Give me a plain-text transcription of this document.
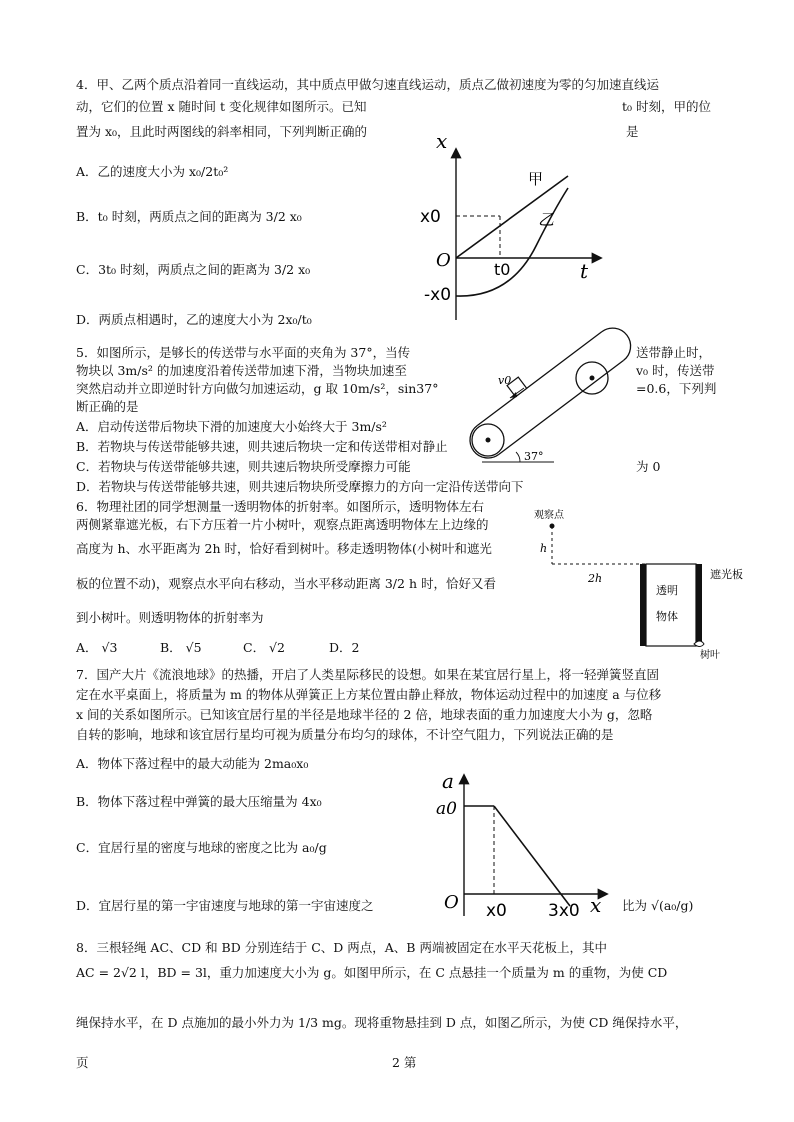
4．甲、乙两个质点沿着同一直线运动，其中质点甲做匀速直线运动，质点乙做初速度为零的匀加速直线运
动，它们的位置 x 随时间 t 变化规律如图所示。已知	t₀ 时刻，甲的位
置为 x₀，且此时两图线的斜率相同，下列判断正确的	是
A．乙的速度大小为 x₀/2t₀²
B．t₀ 时刻，两质点之间的距离为 3/2 x₀
C．3t₀ 时刻，两质点之间的距离为 3/2 x₀
D．两质点相遇时，乙的速度大小为 2x₀/t₀
x
甲
x0	乙
O	t0	t
-x0
5．如图所示，是够长的传送带与水平面的夹角为 37°，当传	送带静止时，
物块以 3m/s² 的加速度沿着传送带加速下滑，当物块加速至	v₀ 时，传送带
突然启动并立即逆时针方向做匀加速运动，g 取 10m/s²，sin37°	=0.6，下列判
断正确的是
A．启动传送带后物块下滑的加速度大小始终大于 3m/s²
B．若物块与传送带能够共速，则共速后物块一定和传送带相对静止
C．若物块与传送带能够共速，则共速后物块所受摩擦力可能	为 0
D．若物块与传送带能够共速，则共速后物块所受摩擦力的方向一定沿传送带向下
v0
37°
6．物理社团的同学想测量一透明物体的折射率。如图所示，透明物体左右
两侧紧靠遮光板，右下方压着一片小树叶，观察点距离透明物体左上边缘的
高度为 h、水平距离为 2h 时，恰好看到树叶。移走透明物体(小树叶和遮光
板的位置不动)，观察点水平向右移动，当水平移动距离 3/2 h 时，恰好又看
到小树叶。则透明物体的折射率为
A． √3	B． √5	C． √2	D．2
观察点
h
2h
透明
物体
遮光板
树叶
7．国产大片《流浪地球》的热播，开启了人类星际移民的设想。如果在某宜居行星上，将一轻弹簧竖直固
定在水平桌面上，将质量为 m 的物体从弹簧正上方某位置由静止释放，物体运动过程中的加速度 a 与位移
x 间的关系如图所示。已知该宜居行星的半径是地球半径的 2 倍，地球表面的重力加速度大小为 g，忽略
自转的影响，地球和该宜居行星均可视为质量分布均匀的球体，不计空气阻力，下列说法正确的是
A．物体下落过程中的最大动能为 2ma₀x₀
B．物体下落过程中弹簧的最大压缩量为 4x₀
C．宜居行星的密度与地球的密度之比为 a₀/g
D．宜居行星的第一宇宙速度与地球的第一宇宙速度之	比为 √(a₀/g)
a
a0
O x0 3x0 x
8．三根轻绳 AC、CD 和 BD 分别连结于 C、D 两点，A、B 两端被固定在水平天花板上，其中
AC = 2√2 l，BD = 3l，重力加速度大小为 g。如图甲所示，在 C 点悬挂一个质量为 m 的重物，为使 CD
绳保持水平，在 D 点施加的最小外力为 1/3 mg。现将重物悬挂到 D 点，如图乙所示，为使 CD 绳保持水平，
页	2 第
